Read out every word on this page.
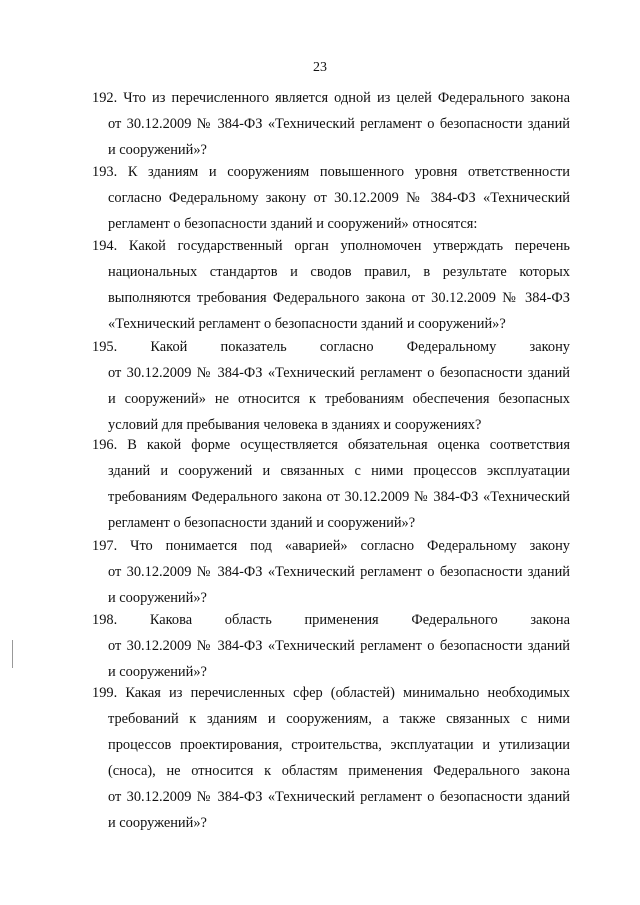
23
192. Что из перечисленного является одной из целей Федерального закона
от 30.12.2009 № 384-ФЗ «Технический регламент о безопасности зданий
и сооружений»?
193. К зданиям и сооружениям повышенного уровня ответственности
согласно Федеральному закону от 30.12.2009 № 384-ФЗ «Технический
регламент о безопасности зданий и сооружений» относятся:
194. Какой государственный орган уполномочен утверждать перечень
национальных стандартов и сводов правил, в результате которых
выполняются требования Федерального закона от 30.12.2009 № 384-ФЗ
«Технический регламент о безопасности зданий и сооружений»?
195. Какой показатель согласно Федеральному закону
от 30.12.2009 № 384-ФЗ «Технический регламент о безопасности зданий
и сооружений» не относится к требованиям обеспечения безопасных
условий для пребывания человека в зданиях и сооружениях?
196. В какой форме осуществляется обязательная оценка соответствия
зданий и сооружений и связанных с ними процессов эксплуатации
требованиям Федерального закона от 30.12.2009 № 384-ФЗ «Технический
регламент о безопасности зданий и сооружений»?
197. Что понимается под «аварией» согласно Федеральному закону
от 30.12.2009 № 384-ФЗ «Технический регламент о безопасности зданий
и сооружений»?
198. Какова область применения Федерального закона
от 30.12.2009 № 384-ФЗ «Технический регламент о безопасности зданий
и сооружений»?
199. Какая из перечисленных сфер (областей) минимально необходимых
требований к зданиям и сооружениям, а также связанных с ними
процессов проектирования, строительства, эксплуатации и утилизации
(сноса), не относится к областям применения Федерального закона
от 30.12.2009 № 384-ФЗ «Технический регламент о безопасности зданий
и сооружений»?
